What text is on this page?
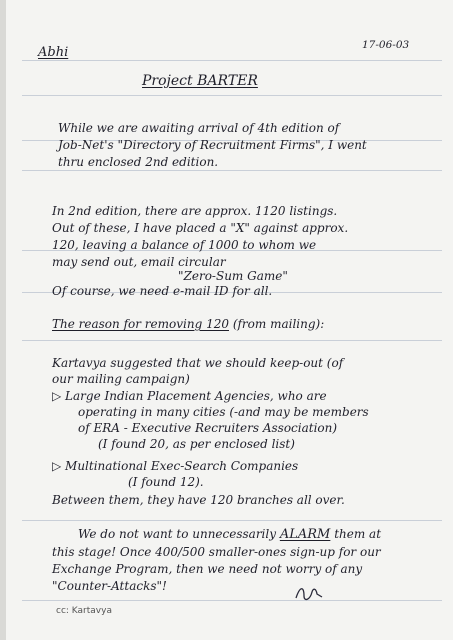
Abhi	17-06-03
Project BARTER
While we are awaiting arrival of 4th edition of
Job-Net's "Directory of Recruitment Firms", I went
thru enclosed 2nd edition.
In 2nd edition, there are approx. 1120 listings.
Out of these, I have placed a "X" against approx.
120, leaving a balance of 1000 to whom we
may send out, email circular
"Zero-Sum Game"
Of course, we need e-mail ID for all.
The reason for removing 120 (from mailing):
Kartavya suggested that we should keep-out (of
our mailing campaign)
▷ Large Indian Placement Agencies, who are
operating in many cities (-and may be members
of ERA - Executive Recruiters Association)
(I found 20, as per enclosed list)
▷ Multinational Exec-Search Companies
(I found 12).
Between them, they have 120 branches all over.
We do not want to unnecessarily ALARM them at
this stage! Once 400/500 smaller-ones sign-up for our
Exchange Program, then we need not worry of any
"Counter-Attacks"!
cc: Kartavya
